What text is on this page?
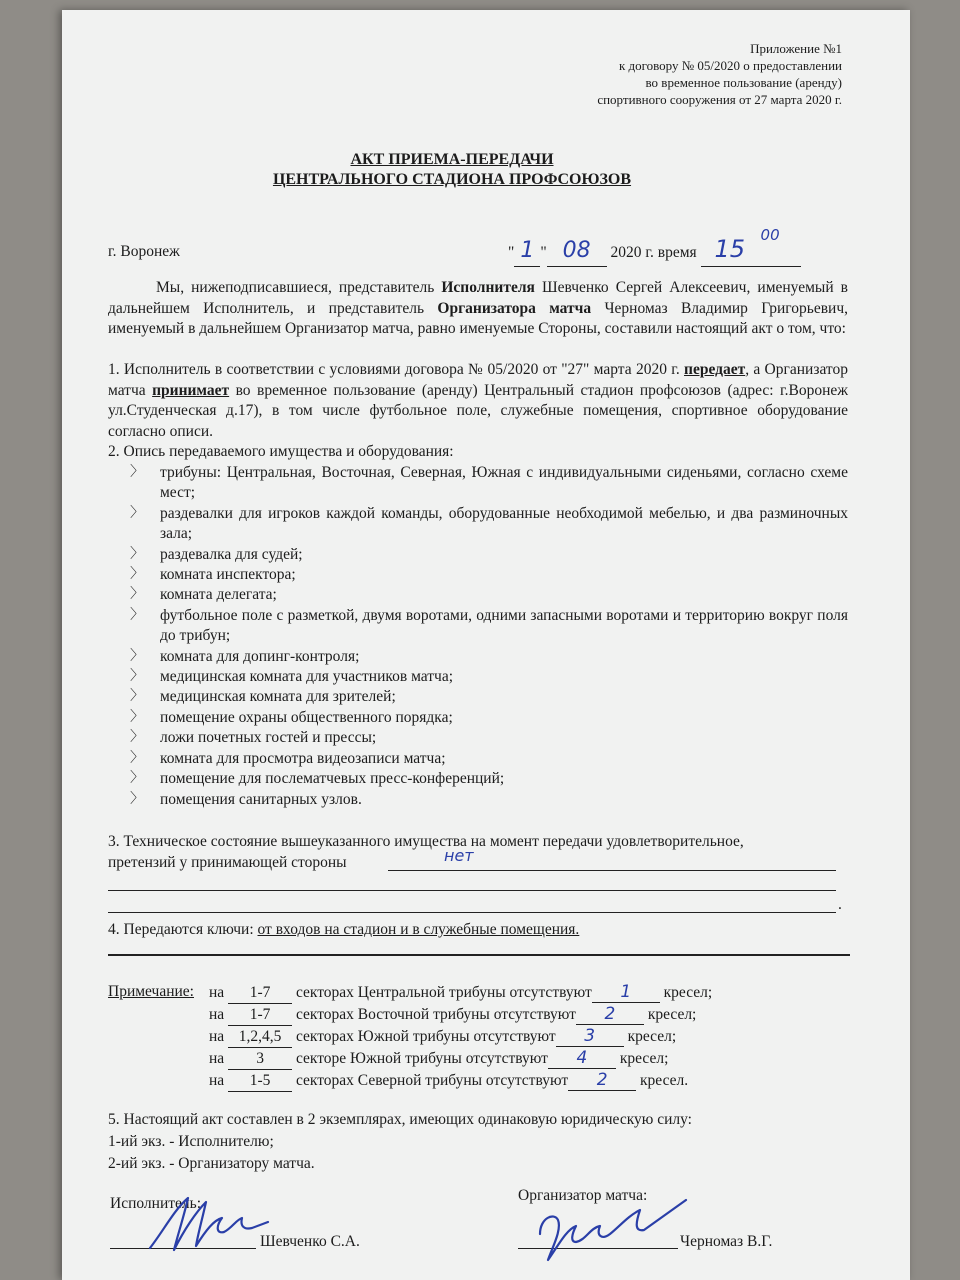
Приложение №1
к договору № 05/2020 о предоставлении
во временное пользование (аренду)
спортивного сооружения от 27 марта 2020 г.
АКТ ПРИЕМА-ПЕРЕДАЧИ
ЦЕНТРАЛЬНОГО СТАДИОНА ПРОФСОЮЗОВ
г. Воронеж	" 1 " 08 2020 г. время 15 00
Мы, нижеподписавшиеся, представитель Исполнителя Шевченко Сергей Алексеевич, именуемый в дальнейшем Исполнитель, и представитель Организатора матча Черномаз Владимир Григорьевич, именуемый в дальнейшем Организатор матча, равно именуемые Стороны, составили настоящий акт о том, что:
1. Исполнитель в соответствии с условиями договора № 05/2020 от "27" марта 2020 г. передает, а Организатор матча принимает во временное пользование (аренду) Центральный стадион профсоюзов (адрес: г.Воронеж ул.Студенческая д.17), в том числе футбольное поле, служебные помещения, спортивное оборудование согласно описи.
2. Опись передаваемого имущества и оборудования:
〉 трибуны: Центральная, Восточная, Северная, Южная с индивидуальными сиденьями, согласно схеме мест;
〉 раздевалки для игроков каждой команды, оборудованные необходимой мебелью, и два разминочных зала;
〉 раздевалка для судей;
〉 комната инспектора;
〉 комната делегата;
〉 футбольное поле с разметкой, двумя воротами, одними запасными воротами и территорию вокруг поля до трибун;
〉 комната для допинг-контроля;
〉 медицинская комната для участников матча;
〉 медицинская комната для зрителей;
〉 помещение охраны общественного порядка;
〉 ложи почетных гостей и прессы;
〉 комната для просмотра видеозаписи матча;
〉 помещение для послематчевых пресс-конференций;
〉 помещения санитарных узлов.
3. Техническое состояние вышеуказанного имущества на момент передачи удовлетворительное,
претензий у принимающей стороны	нет
.
4. Передаются ключи: от входов на стадион и в служебные помещения.
Примечание: на 1-7 секторах Центральной трибуны отсутствуют 1 кресел;
на 1-7 секторах Восточной трибуны отсутствуют 2 кресел;
на 1,2,4,5 секторах Южной трибуны отсутствуют 3 кресел;
на 3 секторе Южной трибуны отсутствуют 4 кресел;
на 1-5 секторах Северной трибуны отсутствуют 2 кресел.
5. Настоящий акт составлен в 2 экземплярах, имеющих одинаковую юридическую силу:
1-ий экз. - Исполнителю;
2-ий экз. - Организатору матча.
Исполнитель:
Шевченко С.А.
Организатор матча:
Черномаз В.Г.
